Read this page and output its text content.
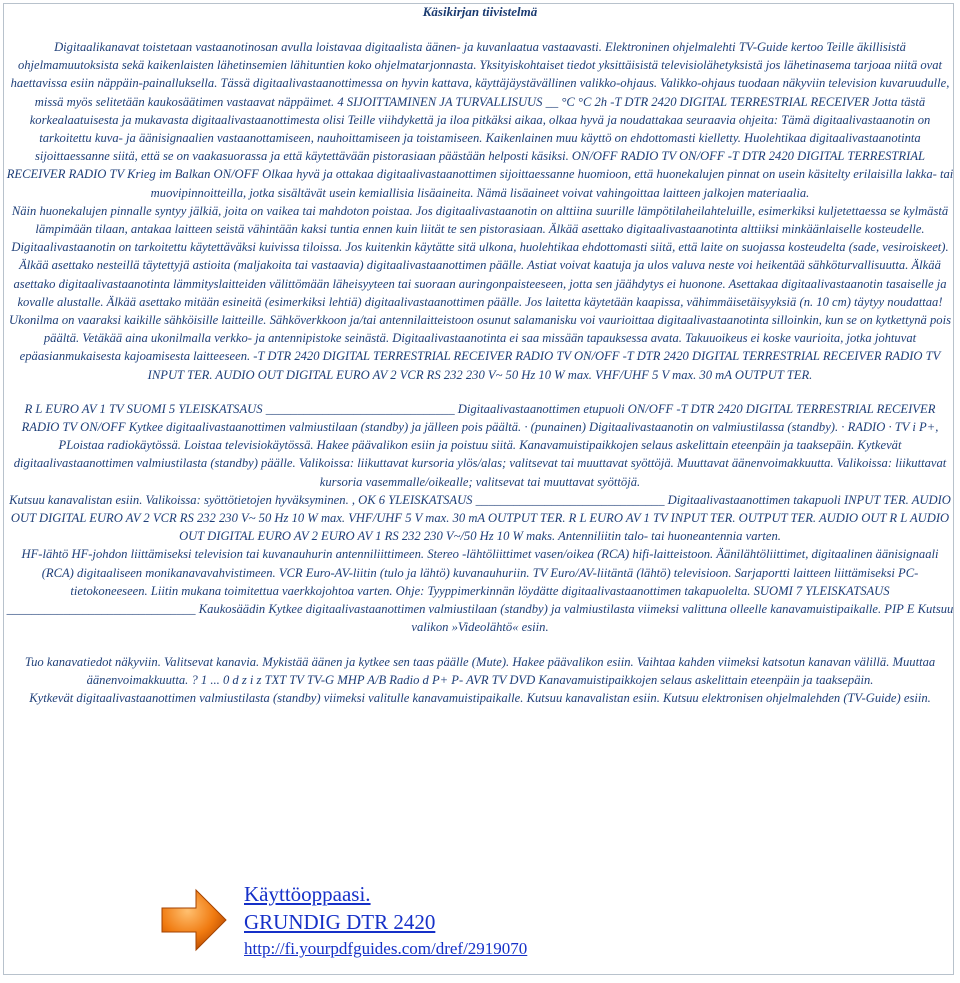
Käsikirjan tiivistelmä

Digitaalikanavat toistetaan vastaanotinosan avulla loistavaa digitaalista äänen- ja kuvanlaatua vastaavasti. Elektroninen ohjelmalehti TV-Guide kertoo Teille äkillisistä ohjelmamuutoksista sekä kaikenlaisten lähetinsemien lähituntien koko ohjelmatarjonnasta. Yksityiskohtaiset tiedot yksittäisistä televisiolähetyksistä jos lähetinasema tarjoaa niitä ovat haettavissa esiin näppäin-painalluksella. Tässä digitaalivastaanottimessa on hyvin kattava, käyttäjäystävällinen valikko-ohjaus. Valikko-ohjaus tuodaan näkyviin television kuvaruudulle, missä myös selitetään kaukosäätimen vastaavat näppäimet. 4 SIJOITTAMINEN JA TURVALLISUUS __ °C °C 2h -T DTR 2420 DIGITAL TERRESTRIAL RECEIVER Jotta tästä korkealaatuisesta ja mukavasta digitaalivastaanottimesta olisi Teille viihdykettä ja iloa pitkäksi aikaa, olkaa hyvä ja noudattakaa seuraavia ohjeita: Tämä digitaalivastaanotin on tarkoitettu kuva- ja äänisignaalien vastaanottamiseen, nauhoittamiseen ja toistamiseen. Kaikenlainen muu käyttö on ehdottomasti kielletty. Huolehtikaa digitaalivastaanotinta sijoittaessanne siitä, että se on vaakasuorassa ja että käytettävään pistorasiaan päästään helposti käsiksi. ON/OFF RADIO TV ON/OFF -T DTR 2420 DIGITAL TERRESTRIAL RECEIVER RADIO TV Krieg im Balkan ON/OFF Olkaa hyvä ja ottakaa digitaalivastaanottimen sijoittaessanne huomioon, että huonekalujen pinnat on usein käsitelty erilaisilla lakka- tai muovipinnoitteilla, jotka sisältävät usein kemiallisia lisäaineita. Nämä lisäaineet voivat vahingoittaa laitteen jalkojen materiaalia.

Näin huonekalujen pinnalle syntyy jälkiä, joita on vaikea tai mahdoton poistaa. Jos digitaalivastaanotin on alttiina suurille lämpötilaheilahteluille, esimerkiksi kuljetettaessa se kylmästä lämpimään tilaan, antakaa laitteen seistä vähintään kaksi tuntia ennen kuin liität te sen pistorasiaan. Älkää asettako digitaalivastaanotinta alttiiksi minkäänlaiselle kosteudelle. Digitaalivastaanotin on tarkoitettu käytettäväksi kuivissa tiloissa. Jos kuitenkin käytätte sitä ulkona, huolehtikaa ehdottomasti siitä, että laite on suojassa kosteudelta (sade, vesiroiskeet).

Älkää asettako nesteillä täytettyjä astioita (maljakoita tai vastaavia) digitaalivastaanottimen päälle. Astiat voivat kaatuja ja ulos valuva neste voi heikentää sähköturvallisuutta. Älkää asettako digitaalivastaanotinta lämmityslaitteiden välittömään läheisyyteen tai suoraan auringonpaisteeseen, jotta sen jäähdytys ei huonone. Asettakaa digitaalivastaanotin tasaiselle ja kovalle alustalle. Älkää asettako mitään esineitä (esimerkiksi lehtiä) digitaalivastaanottimen päälle. Jos laitetta käytetään kaapissa, vähimmäisetäisyyksiä (n. 10 cm) täytyy noudattaa! Ukonilma on vaaraksi kaikille sähköisille laitteille. Sähköverkkoon ja/tai antennilaitteistoon osunut salamanisku voi vaurioittaa digitaalivastaanotinta silloinkin, kun se on kytkettynä pois päältä. Vetäkää aina ukonilmalla verkko- ja antennipistoke seinästä. Digitaalivastaanotinta ei saa missään tapauksessa avata. Takuuoikeus ei koske vaurioita, jotka johtuvat epäasianmukaisesta kajoamisesta laitteeseen. -T DTR 2420 DIGITAL TERRESTRIAL RECEIVER RADIO TV ON/OFF -T DTR 2420 DIGITAL TERRESTRIAL RECEIVER RADIO TV INPUT TER. AUDIO OUT DIGITAL EURO AV 2 VCR RS 232 230 V~ 50 Hz 10 W max. VHF/UHF 5 V max. 30 mA OUTPUT TER.

R L EURO AV 1 TV SUOMI 5 YLEISKATSAUS ______________________________ Digitaalivastaanottimen etupuoli ON/OFF -T DTR 2420 DIGITAL TERRESTRIAL RECEIVER RADIO TV ON/OFF Kytkee digitaalivastaanottimen valmiustilaan (standby) ja jälleen pois päältä. · (punainen) Digitaalivastaanotin on valmiustilassa (standby). · RADIO · TV i P+, PLoistaa radiokäytössä. Loistaa televisiokäytössä. Hakee päävalikon esiin ja poistuu siitä. Kanavamuistipaikkojen selaus askelittain eteenpäin ja taaksepäin. Kytkevät digitaalivastaanottimen valmiustilasta (standby) päälle. Valikoissa: liikuttavat kursoria ylös/alas; valitsevat tai muuttavat syöttöjä. Muuttavat äänenvoimakkuutta. Valikoissa: liikuttavat kursoria vasemmalle/oikealle; valitsevat tai muuttavat syöttöjä.

Kutsuu kanavalistan esiin. Valikoissa: syöttötietojen hyväksyminen. , OK 6 YLEISKATSAUS ______________________________ Digitaalivastaanottimen takapuoli INPUT TER. AUDIO OUT DIGITAL EURO AV 2 VCR RS 232 230 V~ 50 Hz 10 W max. VHF/UHF 5 V max. 30 mA OUTPUT TER. R L EURO AV 1 TV INPUT TER. OUTPUT TER. AUDIO OUT R L AUDIO OUT DIGITAL EURO AV 2 EURO AV 1 RS 232 230 V~/50 Hz 10 W maks. Antenniliitin talo- tai huoneantennia varten.

HF-lähtö HF-johdon liittämiseksi television tai kuvanauhurin antenniliittimeen. Stereo -lähtöliittimet vasen/oikea (RCA) hifi-laitteistoon. Äänilähtöliittimet, digitaalinen äänisignaali (RCA) digitaaliseen monikanavavahvistimeen. VCR Euro-AV-liitin (tulo ja lähtö) kuvanauhuriin. TV Euro/AV-liitäntä (lähtö) televisioon. Sarjaportti laitteen liittämiseksi PC-tietokoneeseen. Liitin mukana toimitettua vaerkkojohtoa varten. Ohje: Tyyppimerkinnän löydätte digitaalivastaanottimen takapuolelta. SUOMI 7 YLEISKATSAUS ______________________________ Kaukosäädin Kytkee digitaalivastaanottimen valmiustilaan (standby) ja valmiustilasta viimeksi valittuna olleelle kanavamuistipaikalle. PIP E Kutsuu valikon »Videolähtö« esiin.

Tuo kanavatiedot näkyviin. Valitsevat kanavia. Mykistää äänen ja kytkee sen taas päälle (Mute). Hakee päävalikon esiin. Vaihtaa kahden viimeksi katsotun kanavan välillä. Muuttaa äänenvoimakkuutta. ? 1 ... 0 d z i z TXT TV TV-G MHP A/B Radio d P+ P- AVR TV DVD Kanavamuistipaikkojen selaus askelittain eteenpäin ja taaksepäin.

Kytkevät digitaalivastaanottimen valmiustilasta (standby) viimeksi valitulle kanavamuistipaikalle. Kutsuu kanavalistan esiin. Kutsuu elektronisen ohjelmalehden (TV-Guide) esiin.

Käyttöoppaasi.
GRUNDIG DTR 2420
http://fi.yourpdfguides.com/dref/2919070
